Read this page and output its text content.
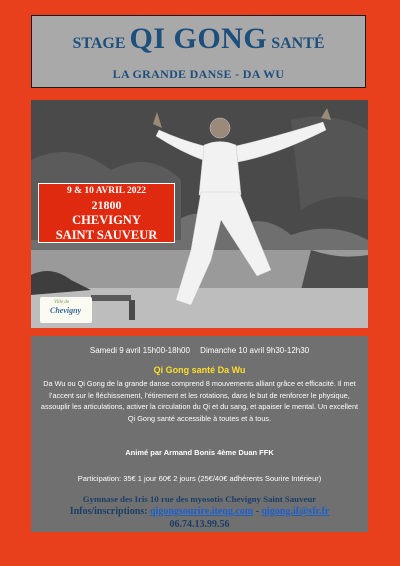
STAGE QI GONG SANTÉ
LA GRANDE DANSE - DA WU
9 & 10 AVRIL 2022
21800
CHEVIGNY
SAINT SAUVEUR
Ville de
Chevigny
Samedi 9 avril 15h00-18h00 Dimanche 10 avril 9h30-12h30
Qi Gong santé Da Wu
Da Wu ou Qi Gong de la grande danse comprend 8 mouvements alliant grâce et efficacité. Il met l’accent sur le fléchissement, l’étirement et les rotations, dans le but de renforcer le physique, assouplir les articulations, activer la circulation du Qi et du sang, et apaiser le mental. Un excellent Qi Gong santé accessible à toutes et à tous.
Animé par Armand Bonis 4ème Duan FFK
Participation: 35€ 1 jour 60€ 2 jours (25€/40€ adhérents Sourire Intérieur)
Gymnase des Iris 10 rue des myosotis Chevigny Saint Sauveur
Infos/inscriptions: qigongsourire.iteqg.com - qigong.if@sfr.fr
06.74.13.99.56
